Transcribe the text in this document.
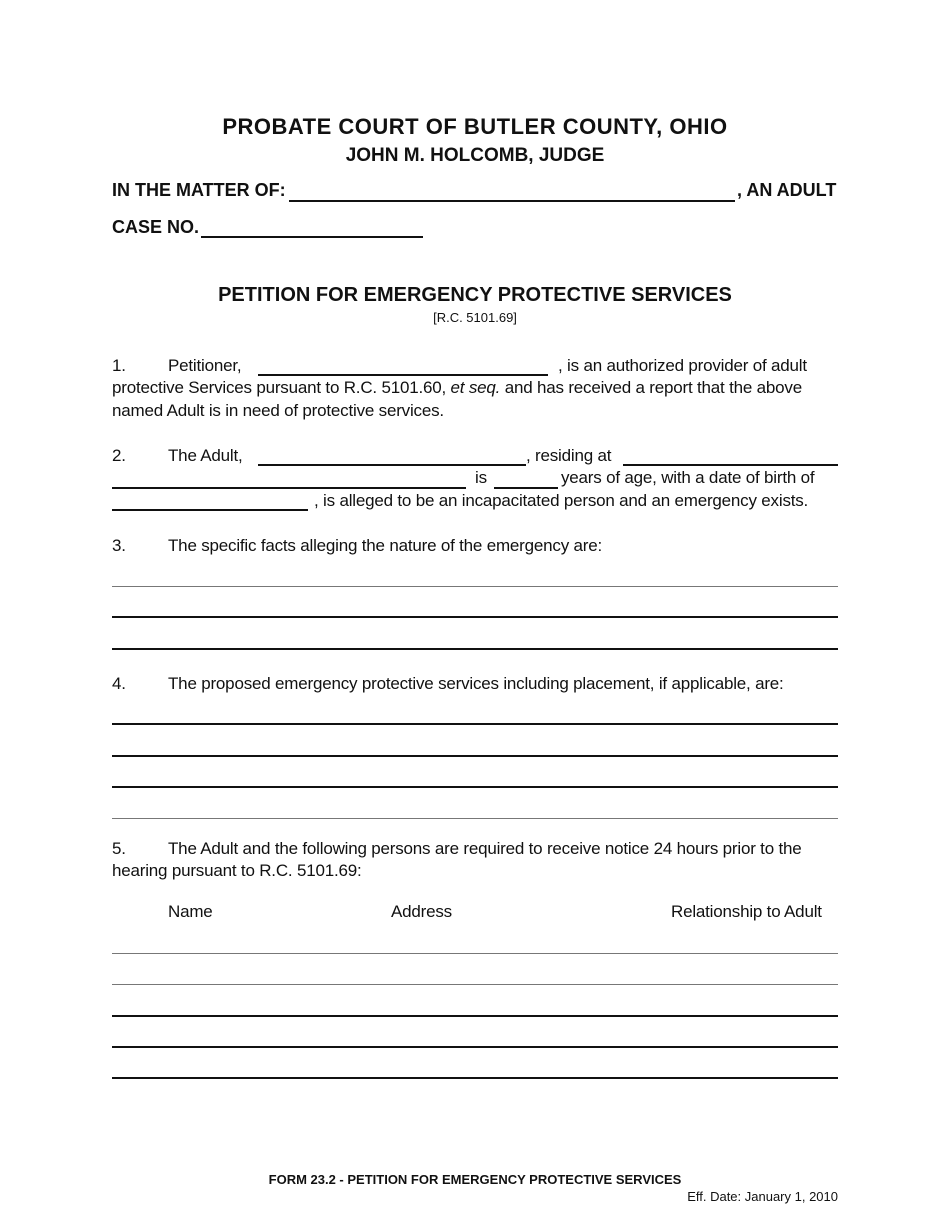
PROBATE COURT OF BUTLER COUNTY, OHIO
JOHN M. HOLCOMB, JUDGE
IN THE MATTER OF:	, AN ADULT
CASE NO.
PETITION FOR EMERGENCY PROTECTIVE SERVICES
[R.C. 5101.69]
1. Petitioner,	, is an authorized provider of adult
protective Services pursuant to R.C. 5101.60, et seq. and has received a report that the above
named Adult is in need of protective services.
2. The Adult,	, residing at
is	years of age, with a date of birth of
, is alleged to be an incapacitated person and an emergency exists.
3. The specific facts alleging the nature of the emergency are:
4. The proposed emergency protective services including placement, if applicable, are:
5. The Adult and the following persons are required to receive notice 24 hours prior to the
hearing pursuant to R.C. 5101.69:
Name	Address	Relationship to Adult
FORM 23.2 - PETITION FOR EMERGENCY PROTECTIVE SERVICES
Eff. Date: January 1, 2010
